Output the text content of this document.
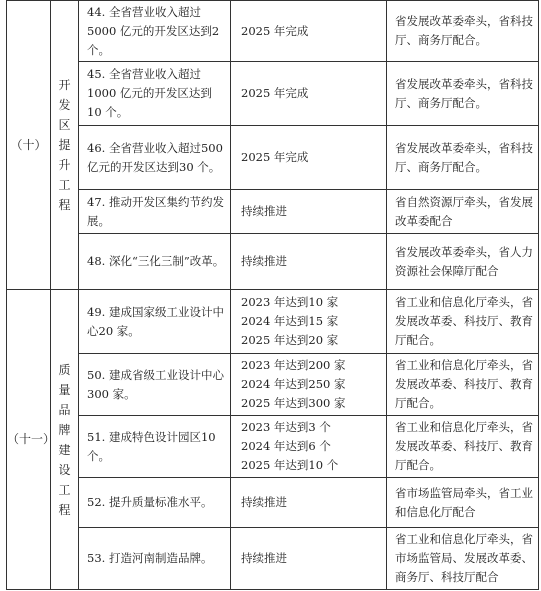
（十）	开发区提升工程	44. 全省营业收入超过5000 亿元的开发区达到2 个。	2025 年完成	省发展改革委牵头，省科技厅、商务厅配合。
		45. 全省营业收入超过1000 亿元的开发区达到10 个。	2025 年完成	省发展改革委牵头，省科技厅、商务厅配合。
		46. 全省营业收入超过500 亿元的开发区达到30 个。	2025 年完成	省发展改革委牵头，省科技厅、商务厅配合。
		47. 推动开发区集约节约发展。	持续推进	省自然资源厅牵头，省发展改革委配合
		48. 深化“三化三制”改革。	持续推进	省发展改革委牵头，省人力资源社会保障厅配合
（十一）	质量品牌建设工程	49. 建成国家级工业设计中心20 家。	2023 年达到10 家
2024 年达到15 家
2025 年达到20 家	省工业和信息化厅牵头，省发展改革委、科技厅、教育厅配合。
		50. 建成省级工业设计中心300 家。	2023 年达到200 家
2024 年达到250 家
2025 年达到300 家	省工业和信息化厅牵头，省发展改革委、科技厅、教育厅配合。
		51. 建成特色设计园区10 个。	2023 年达到3 个
2024 年达到6 个
2025 年达到10 个	省工业和信息化厅牵头，省发展改革委、科技厅、教育厅配合。
		52. 提升质量标准水平。	持续推进	省市场监管局牵头，省工业和信息化厅配合
		53. 打造河南制造品牌。	持续推进	省工业和信息化厅牵头，省市场监管局、发展改革委、商务厅、科技厅配合
